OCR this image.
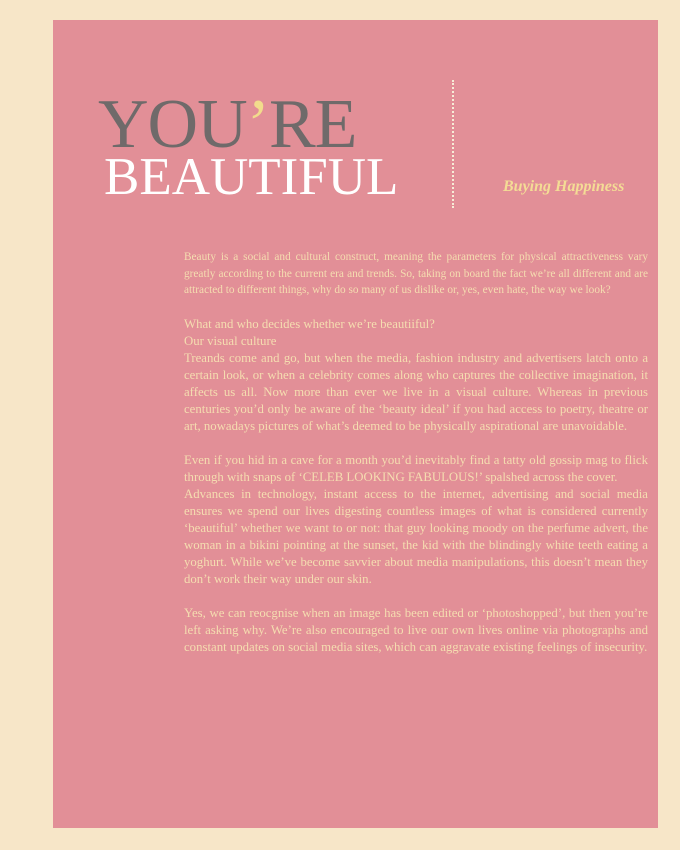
YOU’RE
BEAUTIFUL	Buying Happiness

Beauty is a social and cultural construct, meaning the parameters for physical attractiveness vary greatly according to the current era and trends. So, taking on board the fact we’re all different and are attracted to different things, why do so many of us dislike or, yes, even hate, the way we look?

What and who decides whether we’re beautiiful?

Our visual culture

Treands come and go, but when the media, fashion industry and advertisers latch onto a certain look, or when a celebrity comes along who captures the collective imagination, it affects us all. Now more than ever we live in a visual culture. Whereas in previous centuries you’d only be aware of the ‘beauty ideal’ if you had access to poetry, theatre or art, nowadays pictures of what’s deemed to be physically aspirational are unavoidable.

Even if you hid in a cave for a month you’d inevitably find a tatty old gossip mag to flick through with snaps of ‘CELEB LOOKING FABULOUS!’ spalshed across the cover.

Advances in technology, instant access to the internet, advertising and social media ensures we spend our lives digesting countless images of what is considered currently ‘beautiful’ whether we want to or not: that guy looking moody on the perfume advert, the woman in a bikini pointing at the sunset, the kid with the blindingly white teeth eating a yoghurt. While we’ve become savvier about media manipulations, this doesn’t mean they don’t work their way under our skin.

Yes, we can reocgnise when an image has been edited or ‘photoshopped’, but then you’re left asking why. We’re also encouraged to live our own lives online via photographs and constant updates on social media sites, which can aggravate existing feelings of insecurity.
